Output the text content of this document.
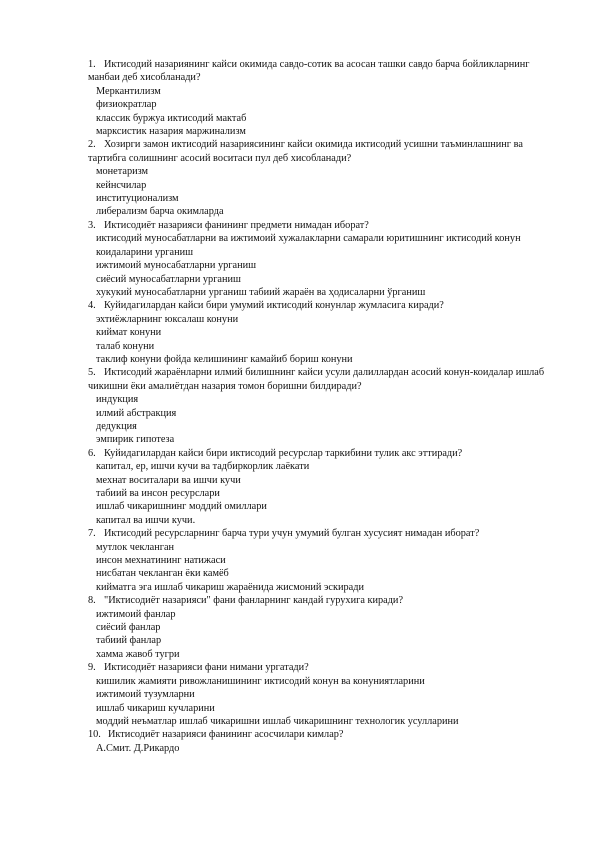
1. Иктисодий назариянинг кайси окимида савдо-сотик ва асосан ташки савдо барча бойликларнинг манбаи деб хисобланади?

Меркантилизм

физиократлар

классик буржуа иктисодий мактаб

марксистик назария маржинализм

2. Хозирги замон иктисодий назариясининг кайси окимида иктисодий усишни таъминлашнинг ва тартибга солишнинг асосий воситаси пул деб хисобланади?

монетаризм

кейнсчилар

институционализм

либерализм барча окимларда

3. Иктисодиёт назарияси фанининг предмети нимадан иборат?

иктисодий муносабатларни ва ижтимоий хужалакларни самарали юритишнинг иктисодий конун коидаларини урганиш

ижтимоий муносабатларни урганиш

сиёсий муносабатларни урганиш

хукукий муносабатларни урганиш табиий жараён ва ҳодисаларни ўрганиш

4. Куйидагилардан кайси бири умумий иктисодий конунлар жумласига киради?

эхтиёжларнинг юксалаш конуни

киймат конуни

талаб конуни

таклиф конуни фойда келишининг камайиб бориш конуни

5. Иктисодий жараёнларни илмий билишнинг кайси усули далиллардан асосий конун-коидалар ишлаб чикишни ёки амалиётдан назария томон боришни билдиради?

индукция

илмий абстракция

дедукция

эмпирик гипотеза

6. Куйидагилардан кайси бири иктисодий ресурслар таркибини тулик акс эттиради?

капитал, ер, ишчи кучи ва тадбиркорлик лаёкати

мехнат воситалари ва ишчи кучи

табиий ва инсон ресурслари

ишлаб чикаришнинг моддий омиллари

капитал ва ишчи кучи.

7. Иктисодий ресурсларнинг барча тури учун умумий булган хусусият нимадан иборат?

мутлок чекланган

инсон мехнатининг натижаси

нисбатан чекланган ёки камёб

кийматга эга ишлаб чикариш жараёнида жисмоний эскиради

8. "Иктисодиёт назарияси" фани фанларнинг кандай гурухига киради?

ижтимоий фанлар

сиёсий фанлар

табиий фанлар

хамма жавоб тугри

9. Иктисодиёт назарияси фани нимани ургатади?

кишилик жамияти ривожланишининг иктисодий конун ва конуниятларини

ижтимоий тузумларни

ишлаб чикариш кучларини

моддий неъматлар ишлаб чикаришни ишлаб чикаришнинг технологик усулларини

10. Иктисодиёт назарияси фанининг асосчилари кимлар?

А.Смит. Д.Рикардо
